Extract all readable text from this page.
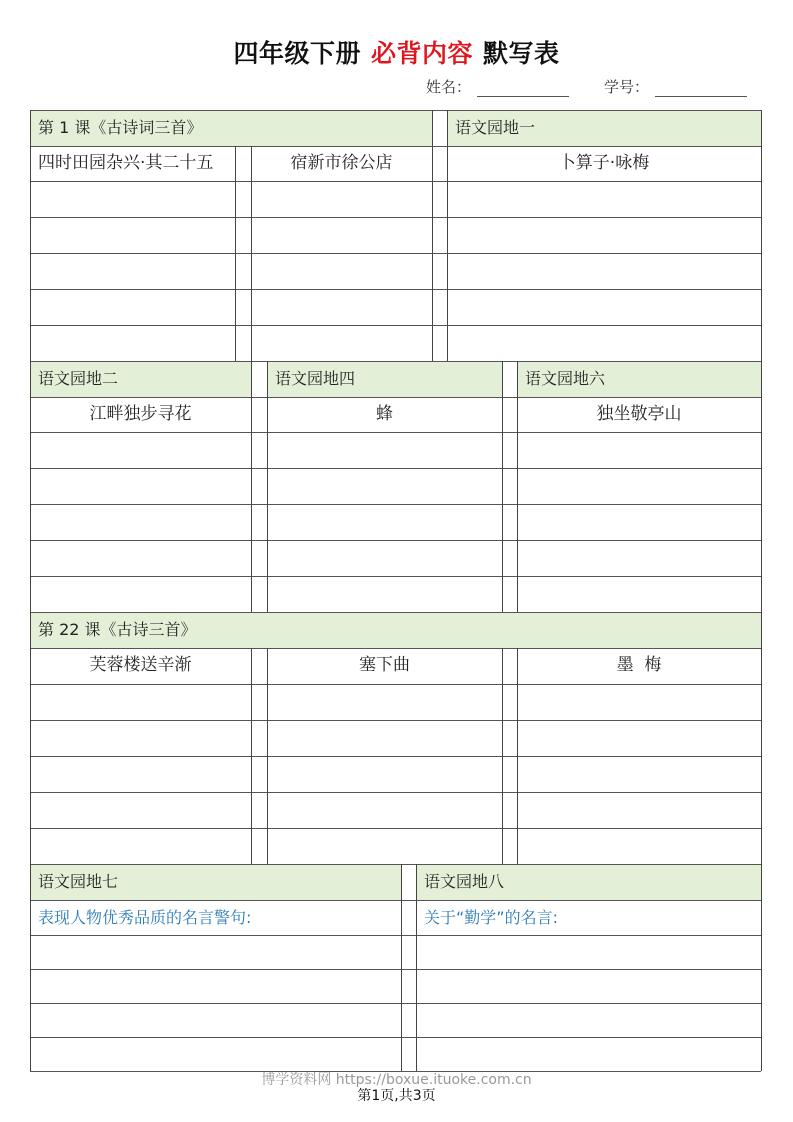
四年级下册 必背内容 默写表
姓名：	学号：
第 1 课《古诗词三首》	语文园地一
四时田园杂兴·其二十五	宿新市徐公店	卜算子·咏梅
语文园地二	语文园地四	语文园地六
江畔独步寻花	蜂	独坐敬亭山
第 22 课《古诗三首》
芙蓉楼送辛渐	塞下曲	墨  梅
语文园地七	语文园地八
表现人物优秀品质的名言警句:	关于“勤学”的名言:
博学资料网 https://boxue.ituoke.com.cn
第1页,共3页
